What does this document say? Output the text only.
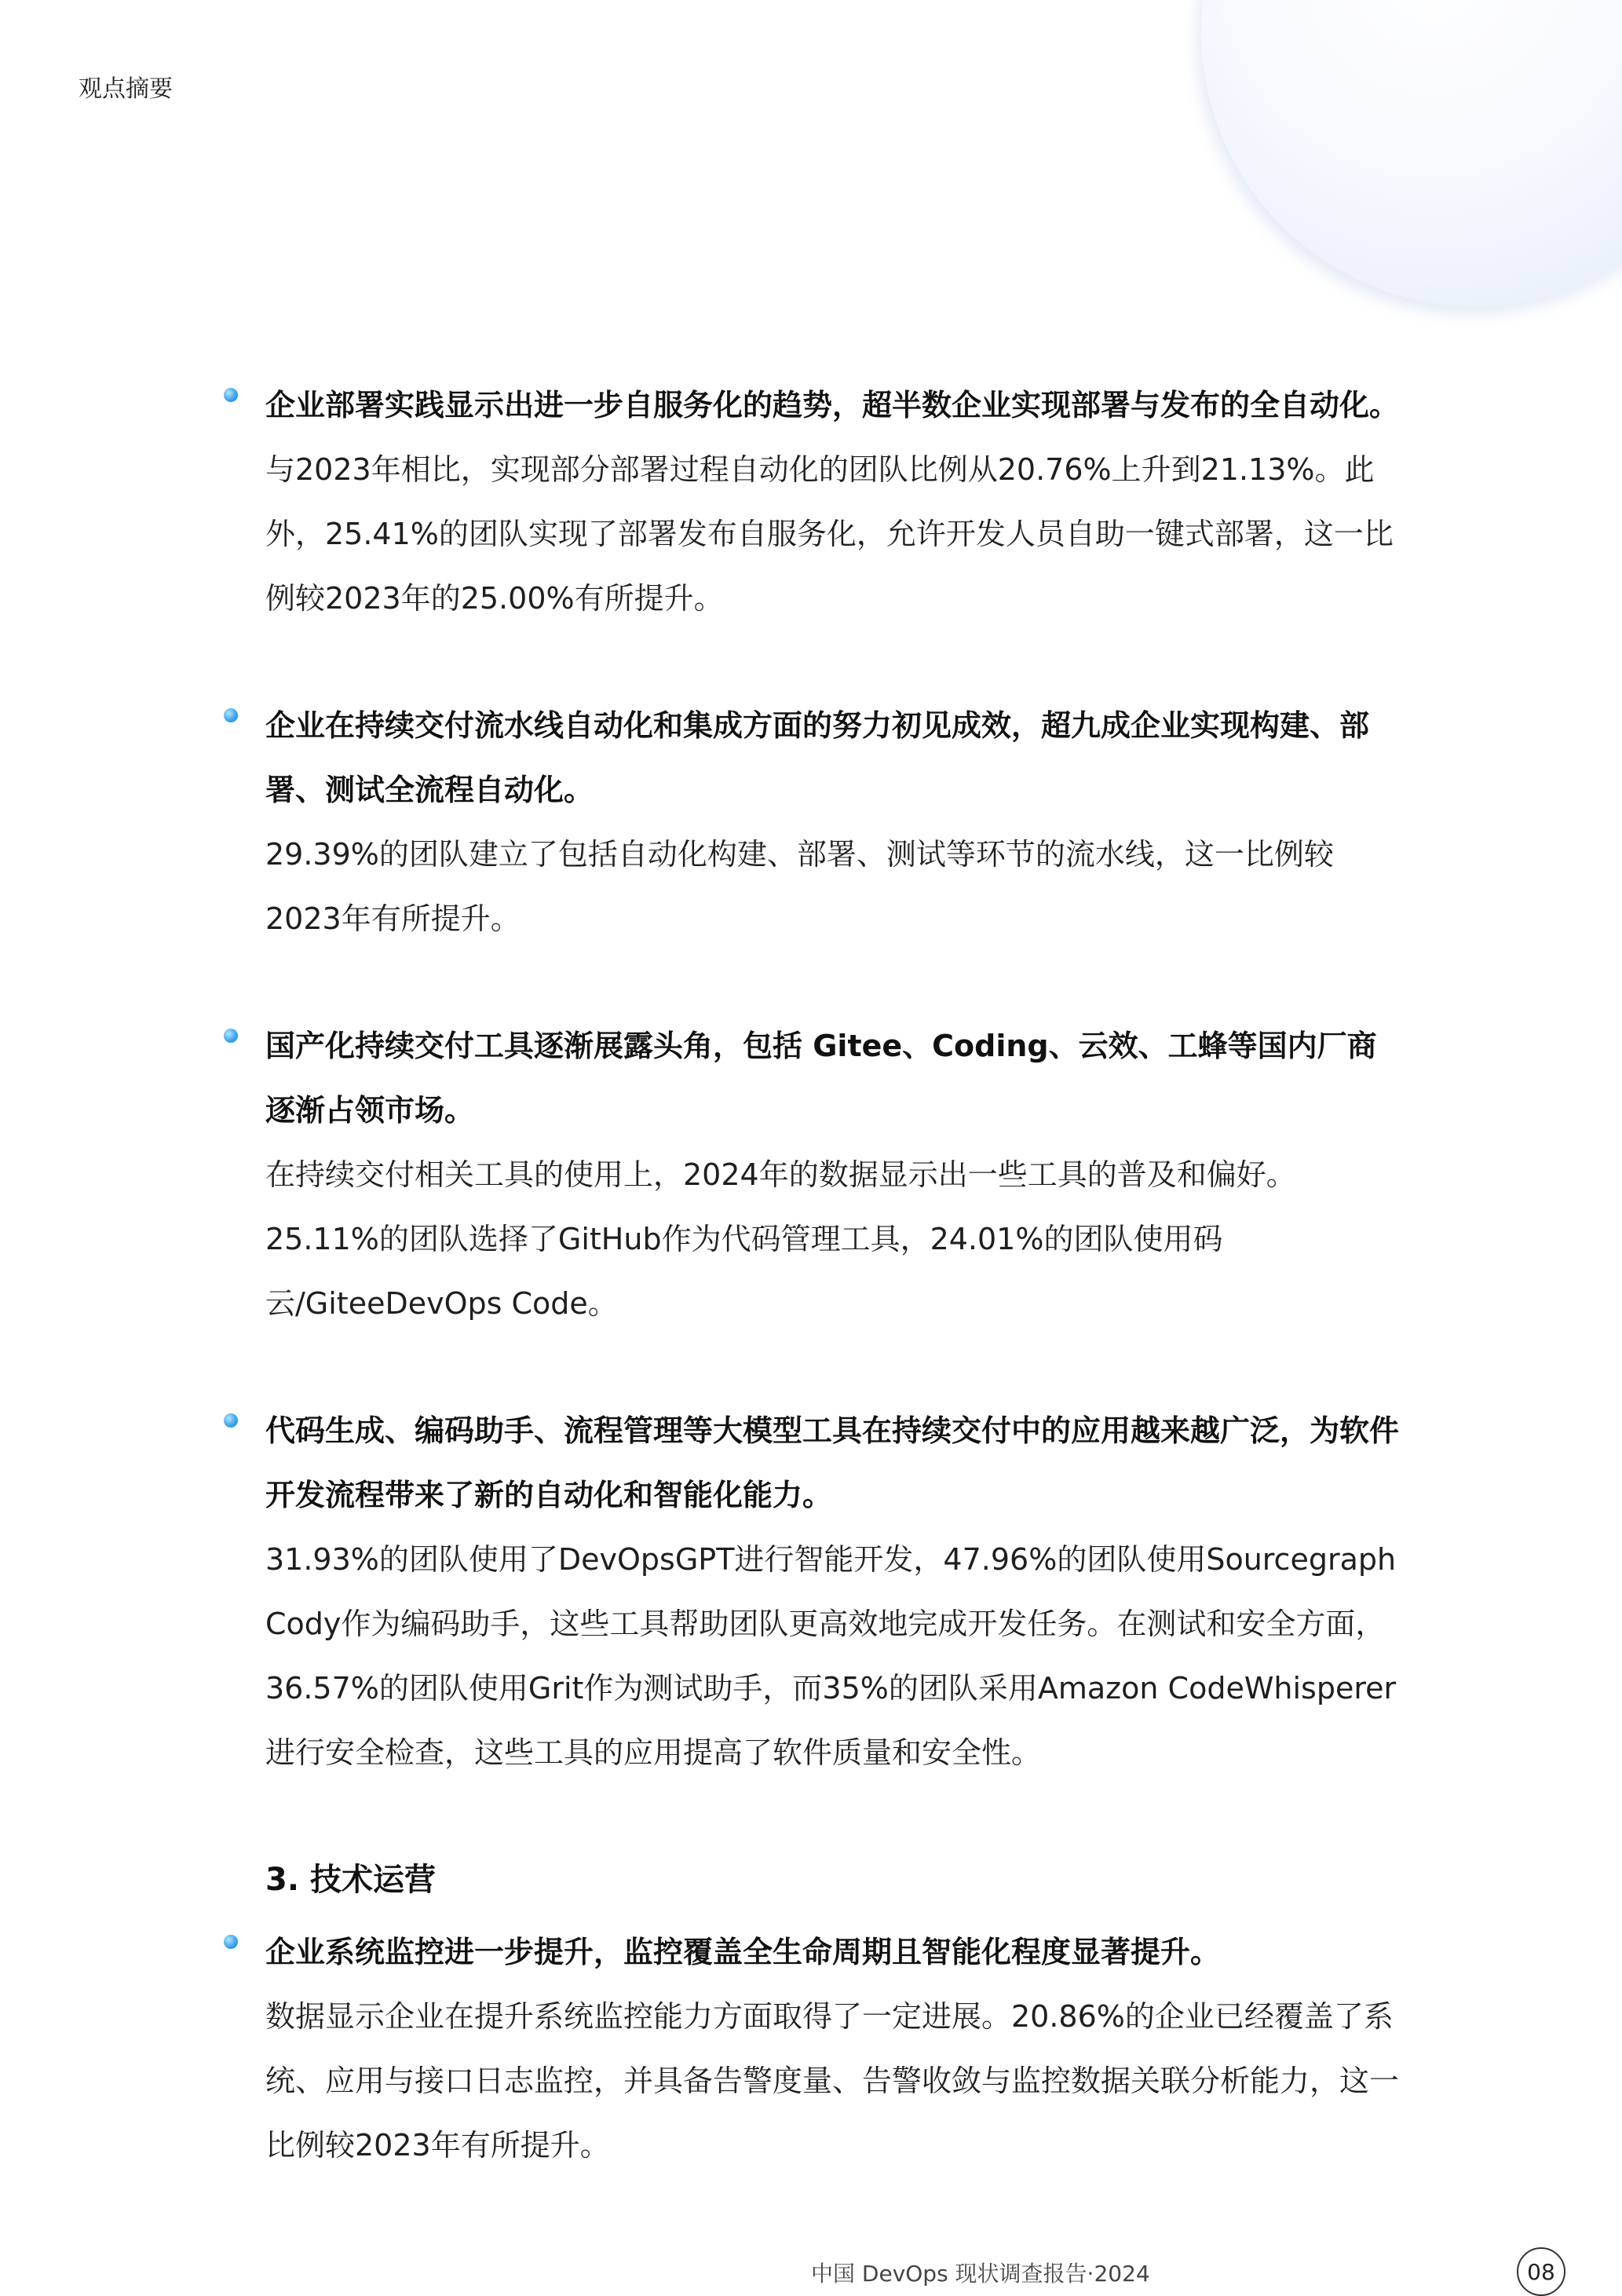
观点摘要

企业部署实践显示出进一步自服务化的趋势，超半数企业实现部署与发布的全自动化。

与2023年相比，实现部分部署过程自动化的团队比例从20.76%上升到21.13%。此外，25.41%的团队实现了部署发布自服务化，允许开发人员自助一键式部署，这一比例较2023年的25.00%有所提升。

企业在持续交付流水线自动化和集成方面的努力初见成效，超九成企业实现构建、部署、测试全流程自动化。

29.39%的团队建立了包括自动化构建、部署、测试等环节的流水线，这一比例较2023年有所提升。

国产化持续交付工具逐渐展露头角，包括 Gitee、Coding、云效、工蜂等国内厂商逐渐占领市场。

在持续交付相关工具的使用上，2024年的数据显示出一些工具的普及和偏好。25.11%的团队选择了GitHub作为代码管理工具，24.01%的团队使用码云/GiteeDevOps Code。

代码生成、编码助手、流程管理等大模型工具在持续交付中的应用越来越广泛，为软件开发流程带来了新的自动化和智能化能力。

31.93%的团队使用了DevOpsGPT进行智能开发，47.96%的团队使用Sourcegraph Cody作为编码助手，这些工具帮助团队更高效地完成开发任务。在测试和安全方面，36.57%的团队使用Grit作为测试助手，而35%的团队采用Amazon CodeWhisperer进行安全检查，这些工具的应用提高了软件质量和安全性。

3. 技术运营

企业系统监控进一步提升，监控覆盖全生命周期且智能化程度显著提升。

数据显示企业在提升系统监控能力方面取得了一定进展。20.86%的企业已经覆盖了系统、应用与接口日志监控，并具备告警度量、告警收敛与监控数据关联分析能力，这一比例较2023年有所提升。

中国 DevOps 现状调查报告·2024	08
